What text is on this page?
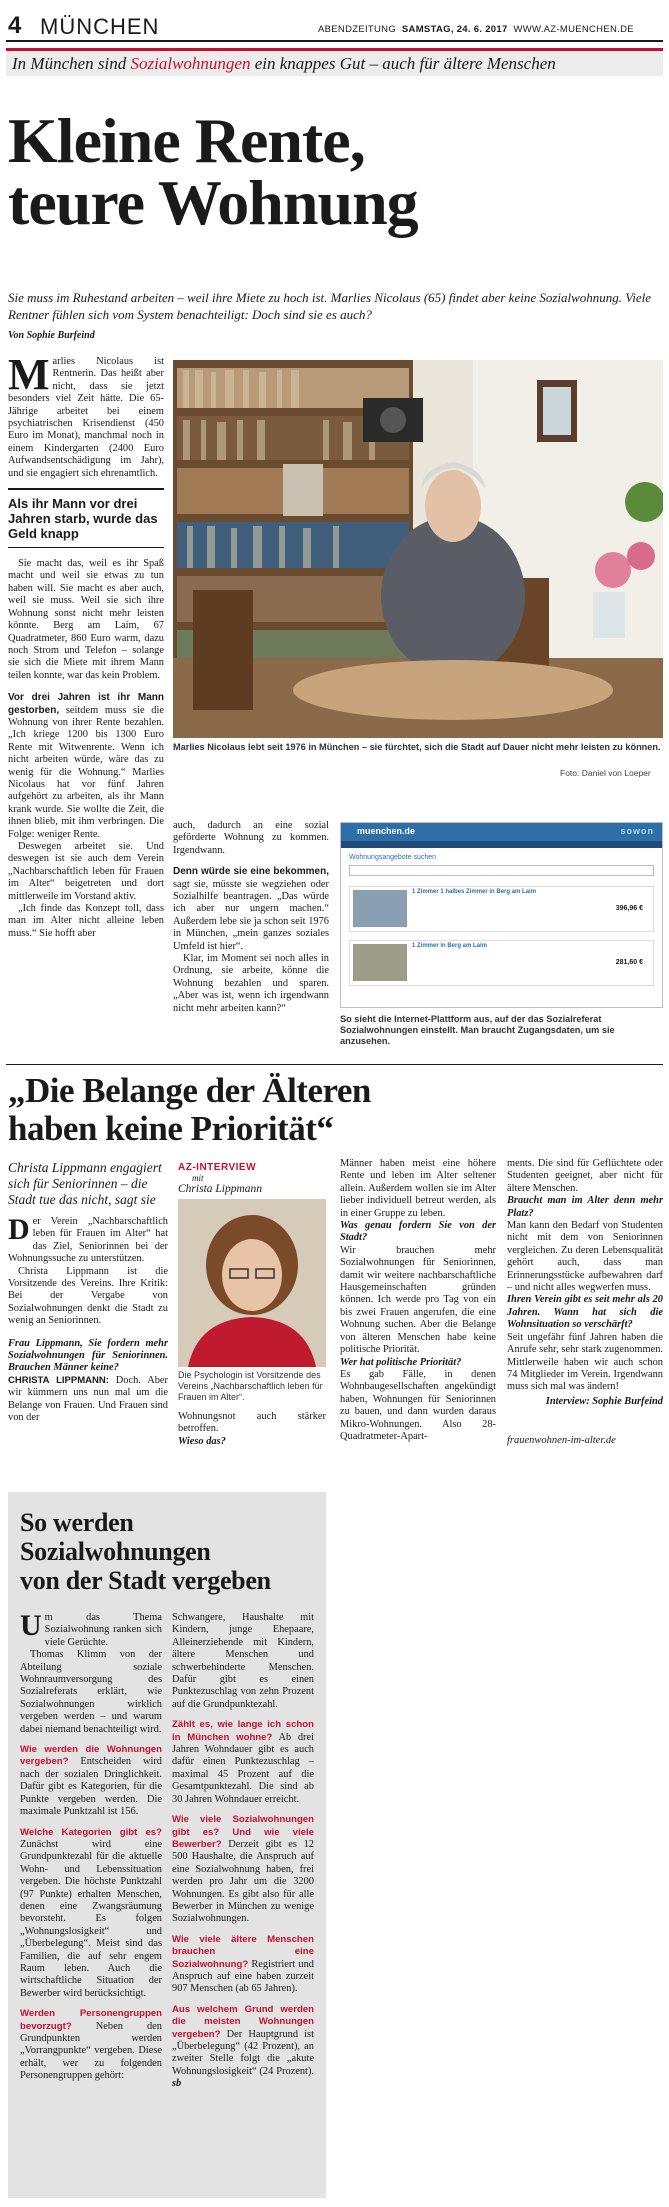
4 MÜNCHEN	ABENDZEITUNG SAMSTAG, 24. 6. 2017 WWW.AZ-MUENCHEN.DE
In München sind Sozialwohnungen ein knappes Gut – auch für ältere Menschen
Kleine Rente,
teure Wohnung
Sie muss im Ruhestand arbeiten – weil ihre Miete zu hoch ist. Marlies Nicolaus (65) findet aber keine Sozialwohnung. Viele Rentner fühlen sich vom System benachteiligt: Doch sind sie es auch?
Von Sophie Burfeind

Marlies Nicolaus ist Rentnerin. Das heißt aber nicht, dass sie jetzt besonders viel Zeit hätte. Die 65-Jährige arbeitet bei einem psychiatrischen Krisendienst (450 Euro im Monat), manchmal noch in einem Kindergarten (2400 Euro Aufwandsentschädigung im Jahr), und sie engagiert sich ehrenamtlich.

Als ihr Mann vor drei Jahren starb, wurde das Geld knapp

Sie macht das, weil es ihr Spaß macht und weil sie etwas zu tun haben will. Sie macht es aber auch, weil sie muss. Weil sie sich ihre Wohnung sonst nicht mehr leisten könnte. Berg am Laim, 67 Quadratmeter, 860 Euro warm, dazu noch Strom und Telefon – solange sie sich die Miete mit ihrem Mann teilen konnte, war das kein Problem.

Vor drei Jahren ist ihr Mann gestorben, seitdem muss sie die Wohnung von ihrer Rente bezahlen. „Ich kriege 1200 bis 1300 Euro Rente mit Witwenrente. Wenn ich nicht arbeiten würde, wäre das zu wenig für die Wohnung.“ Marlies Nicolaus hat vor fünf Jahren aufgehört zu arbeiten, als ihr Mann krank wurde. Sie wollte die Zeit, die ihnen blieb, mit ihm verbringen. Die Folge: weniger Rente.

Deswegen arbeitet sie. Und deswegen ist sie auch dem Verein „Nachbarschaftlich leben für Frauen im Alter“ beigetreten und dort mittlerweile im Vorstand aktiv.

„Ich finde das Konzept toll, dass man im Alter nicht alleine leben muss.“ Sie hofft aber

Marlies Nicolaus lebt seit 1976 in München – sie fürchtet, sich die Stadt auf Dauer nicht mehr leisten zu können.
Foto: Daniel von Loeper

auch, dadurch an eine sozial geförderte Wohnung zu kommen. Irgendwann.

Denn würde sie eine bekommen, sagt sie, müsste sie wegziehen oder Sozialhilfe beantragen. „Das würde ich aber nur ungern machen.“ Außerdem lebe sie ja schon seit 1976 in München, „mein ganzes soziales Umfeld ist hier“.

Klar, im Moment sei noch alles in Ordnung, sie arbeite, könne die Wohnung bezahlen und sparen. „Aber was ist, wenn ich irgendwann nicht mehr arbeiten kann?“

muenchen.de	sowon
Wohnungsangebote suchen
1 Zimmer 1 halbes Zimmer in Berg am Laim
396,96 €
1 Zimmer in Berg am Laim
281,60 €
So sieht die Internet-Plattform aus, auf der das Sozialreferat Sozialwohnungen einstellt. Man braucht Zugangsdaten, um sie anzusehen.
„Die Belange der Älteren
haben keine Priorität“
Christa Lippmann engagiert sich für Seniorinnen – die Stadt tue das nicht, sagt sie

Der Verein „Nachbarschaftlich leben für Frauen im Alter“ hat das Ziel, Seniorinnen bei der Wohnungssuche zu unterstützen.

Christa Lippmann ist die Vorsitzende des Vereins. Ihre Kritik: Bei der Vergabe von Sozialwohnungen denkt die Stadt zu wenig an Seniorinnen.

Frau Lippmann, Sie fordern mehr Sozialwohnungen für Seniorinnen. Brauchen Männer keine?

CHRISTA LIPPMANN: Doch. Aber wir kümmern uns nun mal um die Belange von Frauen. Und Frauen sind von der

AZ-INTERVIEW
mit
Christa Lippmann
Die Psychologin ist Vorsitzende des Vereins „Nachbarschaftlich leben für Frauen im Alter“.

Wohnungsnot auch stärker betroffen.

Wieso das?

Männer haben meist eine höhere Rente und leben im Alter seltener allein. Außerdem wollen sie im Alter lieber individuell betreut werden, als in einer Gruppe zu leben.

Was genau fordern Sie von der Stadt?

Wir brauchen mehr Sozialwohnungen für Seniorinnen, damit wir weitere nachbarschaftliche Hausgemeinschaften gründen können. Ich werde pro Tag von ein bis zwei Frauen angerufen, die eine Wohnung suchen. Aber die Belange von älteren Menschen habe keine politische Priorität.

Wer hat politische Priorität?

Es gab Fälle, in denen Wohnbaugesellschaften angekündigt haben, Wohnungen für Seniorinnen zu bauen, und dann wurden daraus Mikro-Wohnungen. Also 28-Quadratmeter-Apart-

ments. Die sind für Geflüchtete oder Studenten geeignet, aber nicht für ältere Menschen.

Braucht man im Alter denn mehr Platz?

Man kann den Bedarf von Studenten nicht mit dem von Seniorinnen vergleichen. Zu deren Lebensqualität gehört auch, dass man Erinnerungsstücke aufbewahren darf – und nicht alles wegwerfen muss.

Ihren Verein gibt es seit mehr als 20 Jahren. Wann hat sich die Wohnsituation so verschärft?

Seit ungefähr fünf Jahren haben die Anrufe sehr, sehr stark zugenommen. Mittlerweile haben wir auch schon 74 Mitglieder im Verein. Irgendwann muss sich mal was ändern!

Interview: Sophie Burfeind
frauenwohnen-im-alter.de
So werden
Sozialwohnungen
von der Stadt vergeben

Um das Thema Sozialwohnung ranken sich viele Gerüchte.

Thomas Klimm von der Abteilung soziale Wohnraumversorgung des Sozialreferats erklärt, wie Sozialwohnungen wirklich vergeben werden – und warum dabei niemand benachteiligt wird.

Wie werden die Wohnungen vergeben? Entscheiden wird nach der sozialen Dringlichkeit. Dafür gibt es Kategorien, für die Punkte vergeben werden. Die maximale Punktzahl ist 156.

Welche Kategorien gibt es? Zunächst wird eine Grundpunktezahl für die aktuelle Wohn- und Lebenssituation vergeben. Die höchste Punktzahl (97 Punkte) erhalten Menschen, denen eine Zwangsräumung bevorsteht. Es folgen „Wohnungslosigkeit“ und „Überbelegung“. Meist sind das Familien, die auf sehr engem Raum leben. Auch die wirtschaftliche Situation der Bewerber wird berücksichtigt.

Werden Personengruppen bevorzugt? Neben den Grundpunkten werden „Vorrangpunkte“ vergeben. Diese erhält, wer zu folgenden Personengruppen gehört:

Schwangere, Haushalte mit Kindern, junge Ehepaare, Alleinerziehende mit Kindern, ältere Menschen und schwerbehinderte Menschen. Dafür gibt es einen Punktezuschlag von zehn Prozent auf die Grundpunktezahl.

Zählt es, wie lange ich schon in München wohne? Ab drei Jahren Wohndauer gibt es auch dafür einen Punktezuschlag – maximal 45 Prozent auf die Gesamtpunktezahl. Die sind ab 30 Jahren Wohndauer erreicht.

Wie viele Sozialwohnungen gibt es? Und wie viele Bewerber? Derzeit gibt es 12 500 Haushalte, die Anspruch auf eine Sozialwohnung haben, frei werden pro Jahr um die 3200 Wohnungen. Es gibt also für alle Bewerber in München zu wenige Sozialwohnungen.

Wie viele ältere Menschen brauchen eine Sozialwohnung? Registriert und Anspruch auf eine haben zurzeit 907 Menschen (ab 65 Jahren).

Aus welchem Grund werden die meisten Wohnungen vergeben? Der Hauptgrund ist „Überbelegung“ (42 Prozent), an zweiter Stelle folgt die „akute Wohnungslosigkeit“ (24 Prozent). sb
